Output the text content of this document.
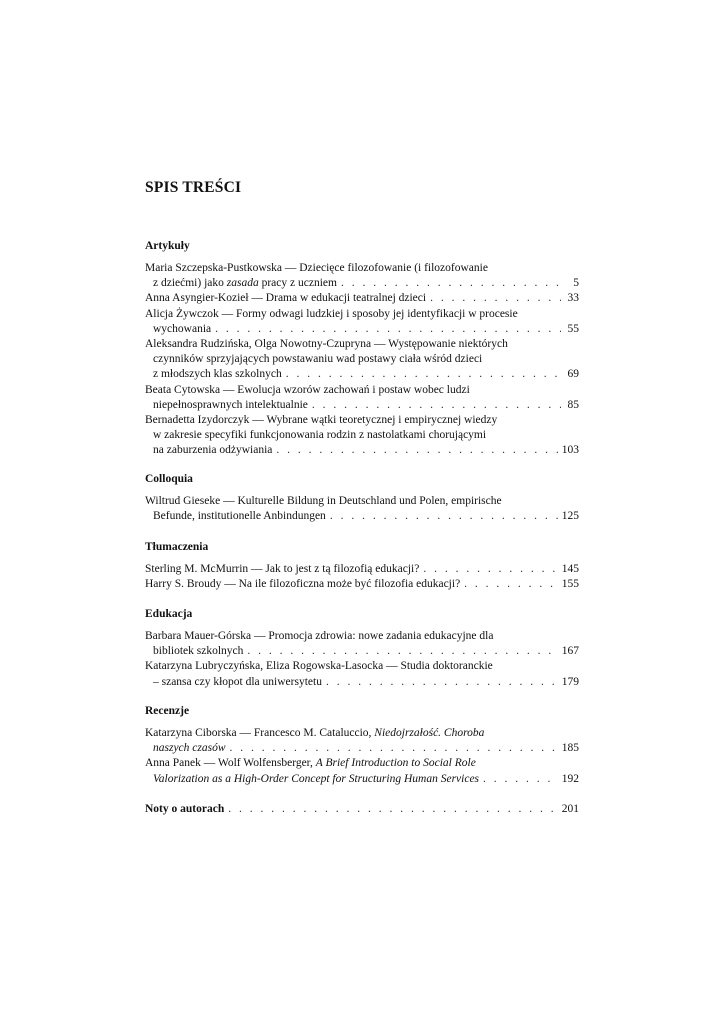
SPIS TREŚCI
Artykuły
Maria Szczepska-Pustkowska — Dziecięce filozofowanie (i filozofowanie
z dziećmi) jako zasada pracy z uczniem . . .	5
Anna Asyngier-Kozieł — Drama w edukacji teatralnej dzieci . . .	33
Alicja Żywczok — Formy odwagi ludzkiej i sposoby jej identyfikacji w procesie
wychowania . . .	55
Aleksandra Rudzińska, Olga Nowotny-Czupryna — Występowanie niektórych
czynników sprzyjających powstawaniu wad postawy ciała wśród dzieci
z młodszych klas szkolnych . . .	69
Beata Cytowska — Ewolucja wzorów zachowań i postaw wobec ludzi
niepełnosprawnych intelektualnie . . .	85
Bernadetta Izydorczyk — Wybrane wątki teoretycznej i empirycznej wiedzy
w zakresie specyfiki funkcjonowania rodzin z nastolatkami chorującymi
na zaburzenia odżywiania . . .	103
Colloquia
Wiltrud Gieseke — Kulturelle Bildung in Deutschland und Polen, empirische
Befunde, institutionelle Anbindungen . . .	125
Tłumaczenia
Sterling M. McMurrin — Jak to jest z tą filozofią edukacji? . . .	145
Harry S. Broudy — Na ile filozoficzna może być filozofia edukacji? . . .	155
Edukacja
Barbara Mauer-Górska — Promocja zdrowia: nowe zadania edukacyjne dla
bibliotek szkolnych . . .	167
Katarzyna Lubryczyńska, Eliza Rogowska-Lasocka — Studia doktoranckie
– szansa czy kłopot dla uniwersytetu . . .	179
Recenzje
Katarzyna Ciborska — Francesco M. Cataluccio, Niedojrzałość. Choroba
naszych czasów . . .	185
Anna Panek — Wolf Wolfensberger, A Brief Introduction to Social Role
Valorization as a High-Order Concept for Structuring Human Services . . .	192
Noty o autorach . . .	201
